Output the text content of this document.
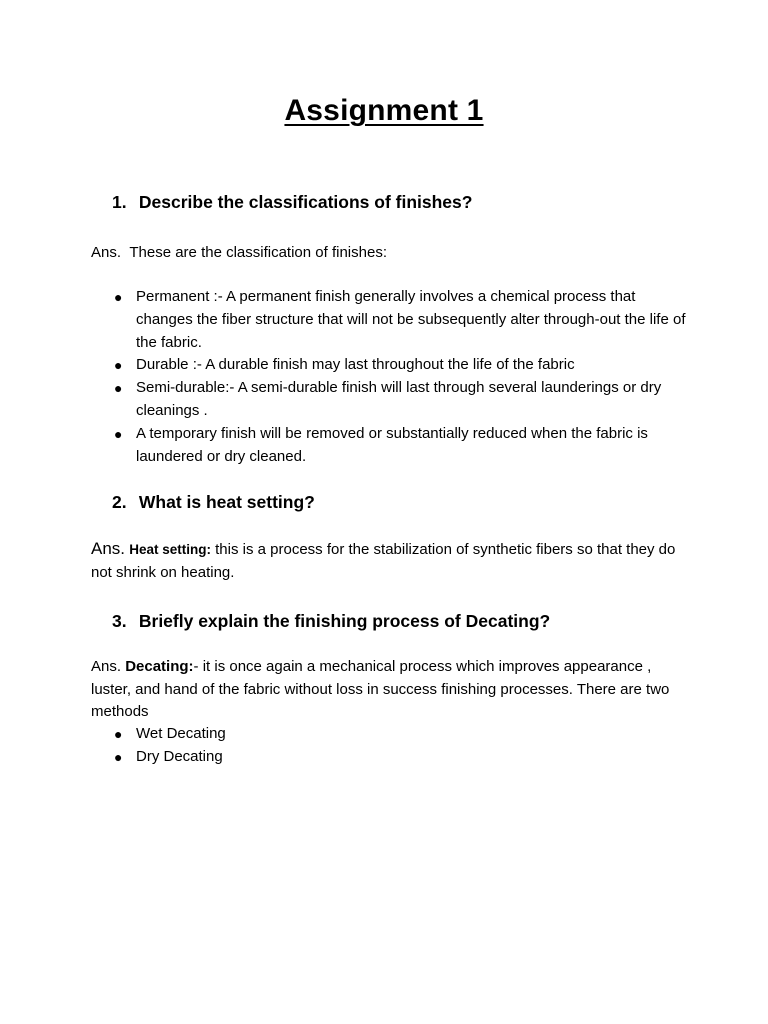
Assignment 1
1. Describe the classifications of finishes?
Ans. These are the classification of finishes:
● Permanent :- A permanent finish generally involves a chemical process that changes the fiber structure that will not be subsequently alter through-out the life of the fabric.
● Durable :- A durable finish may last throughout the life of the fabric
● Semi-durable:- A semi-durable finish will last through several launderings or dry cleanings .
● A temporary finish will be removed or substantially reduced when the fabric is laundered or dry cleaned.
2. What is heat setting?
Ans. Heat setting: this is a process for the stabilization of synthetic fibers so that they do not shrink on heating.
3. Briefly explain the finishing process of Decating?
Ans. Decating:- it is once again a mechanical process which improves appearance , luster, and hand of the fabric without loss in success finishing processes. There are two methods
● Wet Decating
● Dry Decating
